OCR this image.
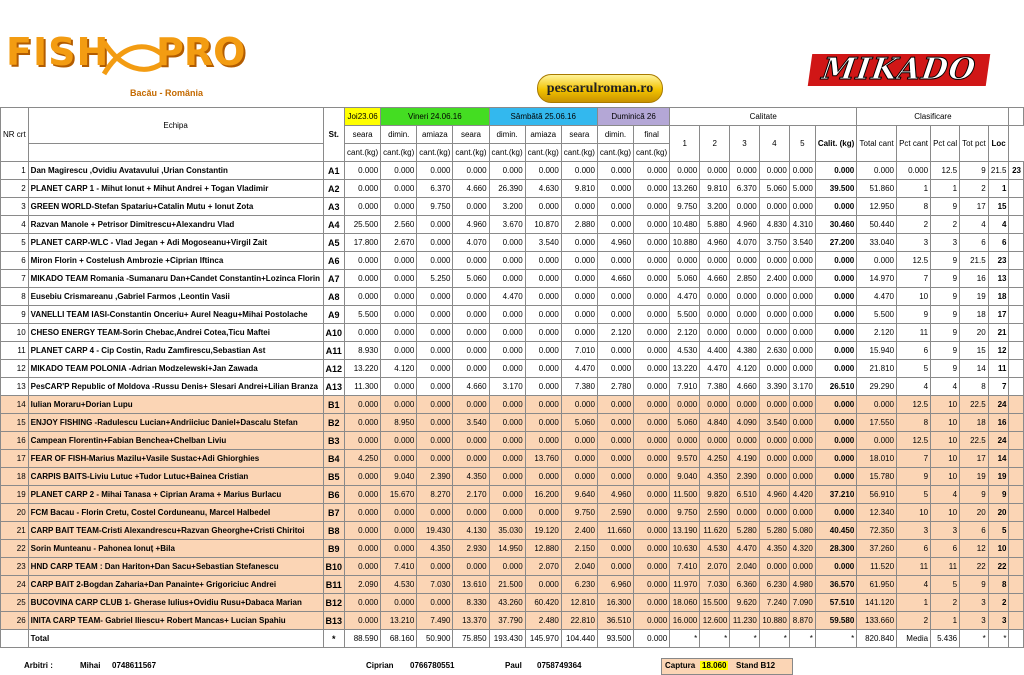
FISH PRO
Bacău - România	pescarulroman.ro
MIKADO
NR crt	Echipa	St.	Joi23.06	Vineri 24.06.16			Sâmbătă 25.06.16			Duminică 26		Calitate						Clasificare					
			seara	dimin.	amiaza	seara	dimin.	amiaza	seara	dimin.	final	1	2	3	4	5	Calit. (kg)	Total cant	Pct cant	Pct cal	Tot pct	Loc	
			cant.(kg)	cant.(kg)	cant.(kg)	cant.(kg)	cant.(kg)	cant.(kg)	cant.(kg)	cant.(kg)	cant.(kg)												
1	Dan Magirescu ,Ovidiu Avatavului ,Urian Constantin	A1	0.000	0.000	0.000	0.000	0.000	0.000	0.000	0.000	0.000	0.000	0.000	0.000	0.000	0.000	0.000	0.000	0.000	12.5	9	21.5	23
2	PLANET CARP 1 - Mihut Ionut + Mihut Andrei + Togan Vladimir	A2	0.000	0.000	6.370	4.660	26.390	4.630	9.810	0.000	0.000	13.260	9.810	6.370	5.060	5.000	39.500	51.860	1	1	2	1	
3	GREEN WORLD-Stefan Spatariu+Catalin Mutu + Ionut Zota	A3	0.000	0.000	9.750	0.000	3.200	0.000	0.000	0.000	0.000	9.750	3.200	0.000	0.000	0.000	0.000	12.950	8	9	17	15	
4	Razvan Manole + Petrisor Dimitrescu+Alexandru Vlad	A4	25.500	2.560	0.000	4.960	3.670	10.870	2.880	0.000	0.000	10.480	5.880	4.960	4.830	4.310	30.460	50.440	2	2	4	4	
5	PLANET CARP-WLC - Vlad Jegan + Adi Mogoseanu+Virgil Zait	A5	17.800	2.670	0.000	4.070	0.000	3.540	0.000	4.960	0.000	10.880	4.960	4.070	3.750	3.540	27.200	33.040	3	3	6	6	
6	Miron Florin + Costelush Ambrozie +Ciprian Iftinca	A6	0.000	0.000	0.000	0.000	0.000	0.000	0.000	0.000	0.000	0.000	0.000	0.000	0.000	0.000	0.000	0.000	12.5	9	21.5	23	
7	MIKADO TEAM Romania -Sumanaru Dan+Candet Constantin+Lozinca Florin	A7	0.000	0.000	5.250	5.060	0.000	0.000	0.000	4.660	0.000	5.060	4.660	2.850	2.400	0.000	0.000	14.970	7	9	16	13	
8	Eusebiu Crismareanu ,Gabriel Farmos ,Leontin Vasii	A8	0.000	0.000	0.000	0.000	4.470	0.000	0.000	0.000	0.000	4.470	0.000	0.000	0.000	0.000	0.000	4.470	10	9	19	18	
9	VANELLI TEAM IASI-Constantin Onceriu+ Aurel Neagu+Mihai Postolache	A9	5.500	0.000	0.000	0.000	0.000	0.000	0.000	0.000	0.000	5.500	0.000	0.000	0.000	0.000	0.000	5.500	9	9	18	17	
10	CHESO ENERGY TEAM-Sorin Chebac,Andrei Cotea,Ticu Maftei	A10	0.000	0.000	0.000	0.000	0.000	0.000	0.000	2.120	0.000	2.120	0.000	0.000	0.000	0.000	0.000	2.120	11	9	20	21	
11	PLANET CARP 4 - Cip Costin, Radu Zamfirescu,Sebastian Ast	A11	8.930	0.000	0.000	0.000	0.000	0.000	7.010	0.000	0.000	4.530	4.400	4.380	2.630	0.000	0.000	15.940	6	9	15	12	
12	MIKADO TEAM POLONIA -Adrian Modzelewski+Jan Zawada	A12	13.220	4.120	0.000	0.000	0.000	0.000	4.470	0.000	0.000	13.220	4.470	4.120	0.000	0.000	0.000	21.810	5	9	14	11	
13	PesCAR'P Republic of Moldova -Russu Denis+ Slesari Andrei+Lilian Branza	A13	11.300	0.000	0.000	4.660	3.170	0.000	7.380	2.780	0.000	7.910	7.380	4.660	3.390	3.170	26.510	29.290	4	4	8	7	
14	Iulian Moraru+Dorian Lupu	B1	0.000	0.000	0.000	0.000	0.000	0.000	0.000	0.000	0.000	0.000	0.000	0.000	0.000	0.000	0.000	0.000	12.5	10	22.5	24	
15	ENJOY FISHING -Radulescu Lucian+Andriiciuc Daniel+Dascalu Stefan	B2	0.000	8.950	0.000	3.540	0.000	0.000	5.060	0.000	0.000	5.060	4.840	4.090	3.540	0.000	0.000	17.550	8	10	18	16	
16	Campean Florentin+Fabian Benchea+Chelban Liviu	B3	0.000	0.000	0.000	0.000	0.000	0.000	0.000	0.000	0.000	0.000	0.000	0.000	0.000	0.000	0.000	0.000	12.5	10	22.5	24	
17	FEAR OF FISH-Marius Mazilu+Vasile Sustac+Adi Ghiorghies	B4	4.250	0.000	0.000	0.000	0.000	13.760	0.000	0.000	0.000	9.570	4.250	4.190	0.000	0.000	0.000	18.010	7	10	17	14	
18	CARPIS BAITS-Liviu Lutuc +Tudor Lutuc+Bainea Cristian	B5	0.000	9.040	2.390	4.350	0.000	0.000	0.000	0.000	0.000	9.040	4.350	2.390	0.000	0.000	0.000	15.780	9	10	19	19	
19	PLANET CARP 2 - Mihai Tanasa + Ciprian Arama + Marius Burlacu	B6	0.000	15.670	8.270	2.170	0.000	16.200	9.640	4.960	0.000	11.500	9.820	6.510	4.960	4.420	37.210	56.910	5	4	9	9	
20	FCM Bacau - Florin Cretu, Costel Corduneanu, Marcel Halbedel	B7	0.000	0.000	0.000	0.000	0.000	0.000	9.750	2.590	0.000	9.750	2.590	0.000	0.000	0.000	0.000	12.340	10	10	20	20	
21	CARP BAIT TEAM-Cristi Alexandrescu+Razvan Gheorghe+Cristi Chiritoi	B8	0.000	0.000	19.430	4.130	35.030	19.120	2.400	11.660	0.000	13.190	11.620	5.280	5.280	5.080	40.450	72.350	3	3	6	5	
22	Sorin Munteanu - Pahonea Ionuț +Bila	B9	0.000	0.000	4.350	2.930	14.950	12.880	2.150	0.000	0.000	10.630	4.530	4.470	4.350	4.320	28.300	37.260	6	6	12	10	
23	HND CARP TEAM : Dan Hariton+Dan Sacu+Sebastian Stefanescu	B10	0.000	7.410	0.000	0.000	0.000	2.070	2.040	0.000	0.000	7.410	2.070	2.040	0.000	0.000	0.000	11.520	11	11	22	22	
24	CARP BAIT 2-Bogdan Zaharia+Dan Panainte+ Grigoriciuc Andrei	B11	2.090	4.530	7.030	13.610	21.500	0.000	6.230	6.960	0.000	11.970	7.030	6.360	6.230	4.980	36.570	61.950	4	5	9	8	
25	BUCOVINA CARP CLUB 1- Gherase Iulius+Ovidiu Rusu+Dabaca Marian	B12	0.000	0.000	0.000	8.330	43.260	60.420	12.810	16.300	0.000	18.060	15.500	9.620	7.240	7.090	57.510	141.120	1	2	3	2	
26	INITA CARP TEAM- Gabriel Iliescu+ Robert Mancas+ Lucian Spahiu	B13	0.000	13.210	7.490	13.370	37.790	2.480	22.810	36.510	0.000	16.000	12.600	11.230	10.880	8.870	59.580	133.660	2	1	3	3	
	Total	*	88.590	68.160	50.900	75.850	193.430	145.970	104.440	93.500	0.000	*	*	*	*	*	*	820.840	Media	5.436	*	*	
Arbitri :	Mihai 0748611567	Ciprian 0766780551	Paul 0758749364	Captura 18.060 Stand B12
